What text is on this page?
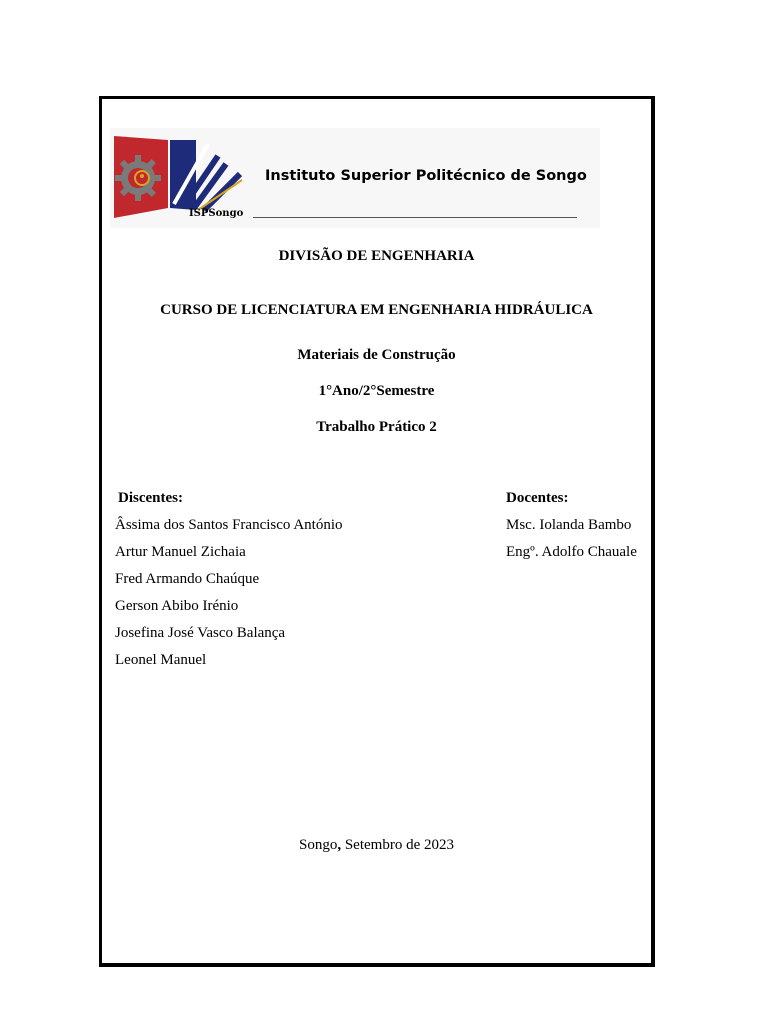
Instituto Superior Politécnico de Songo
ISPSongo
DIVISÃO DE ENGENHARIA
CURSO DE LICENCIATURA EM ENGENHARIA HIDRÁULICA
Materiais de Construção
1°Ano/2°Semestre
Trabalho Prático 2
Discentes:
Âssima dos Santos Francisco António
Artur Manuel Zichaia
Fred Armando Chaúque
Gerson Abibo Irénio
Josefina José Vasco Balança
Leonel Manuel
Docentes:
Msc. Iolanda Bambo
Engº. Adolfo Chauale
Songo, Setembro de 2023
